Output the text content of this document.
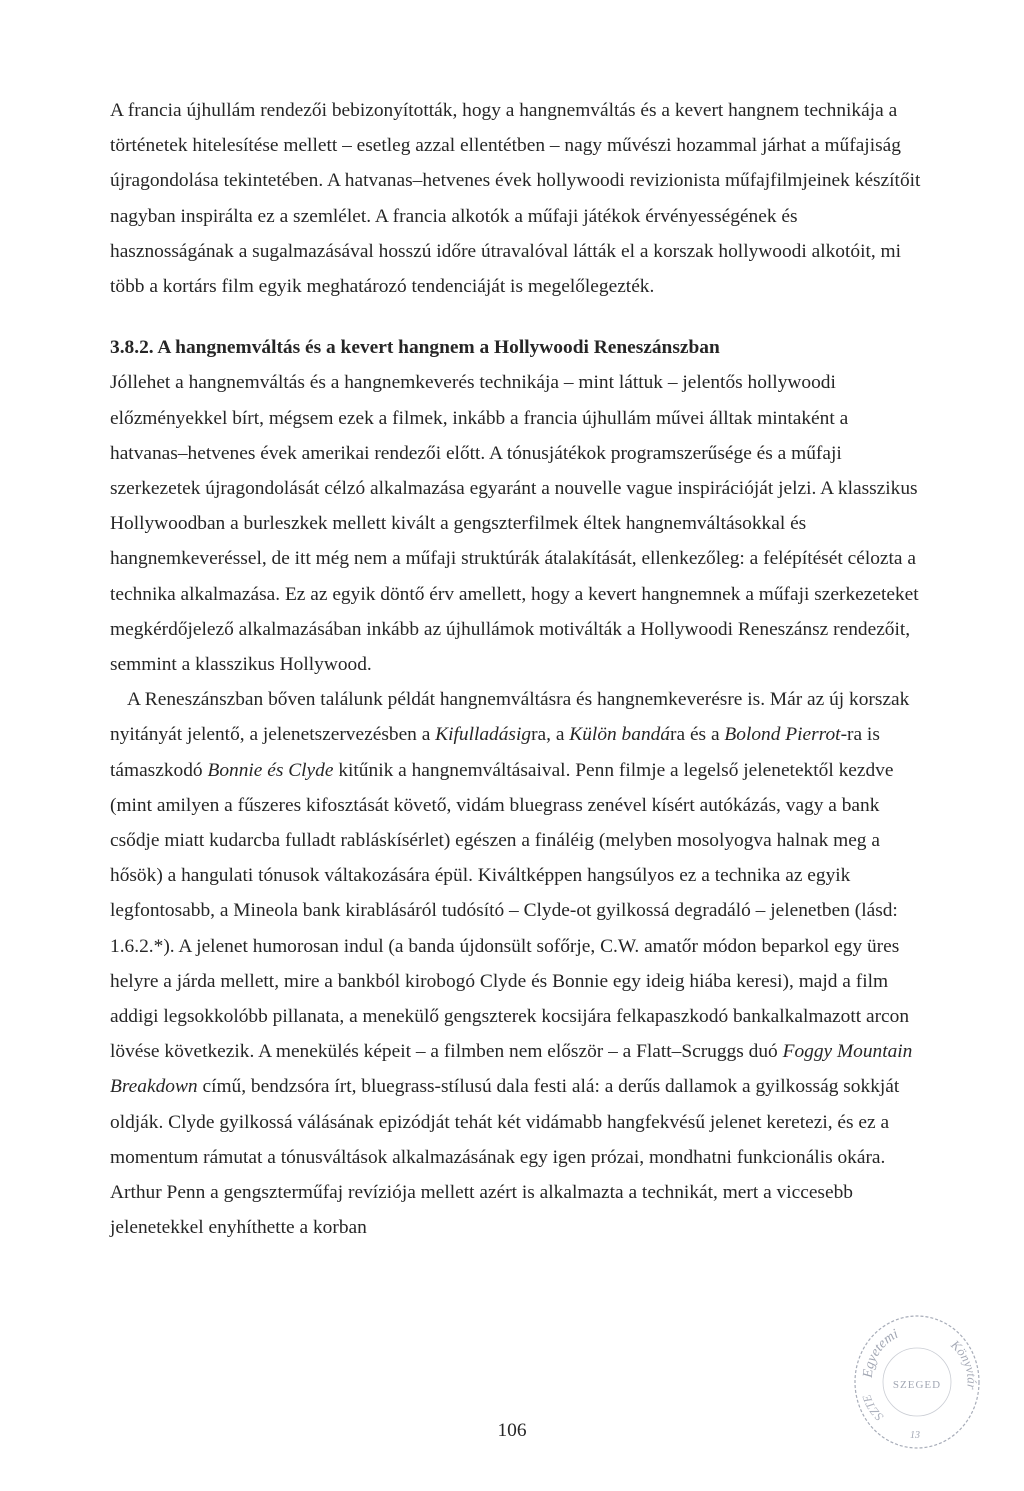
A francia újhullám rendezői bebizonyították, hogy a hangnemváltás és a kevert hangnem technikája a történetek hitelesítése mellett – esetleg azzal ellentétben – nagy művészi hozammal járhat a műfajiság újragondolása tekintetében. A hatvanas–hetvenes évek hollywoodi revizionista műfajfilmjeinek készítőit nagyban inspirálta ez a szemlélet. A francia alkotók a műfaji játékok érvényességének és hasznosságának a sugalmazásával hosszú időre útravalóval látták el a korszak hollywoodi alkotóit, mi több a kortárs film egyik meghatározó tendenciáját is megelőlegezték.

3.8.2. A hangnemváltás és a kevert hangnem a Hollywoodi Reneszánszban

Jóllehet a hangnemváltás és a hangnemkeverés technikája – mint láttuk – jelentős hollywoodi előzményekkel bírt, mégsem ezek a filmek, inkább a francia újhullám művei álltak mintaként a hatvanas–hetvenes évek amerikai rendezői előtt. A tónusjátékok programszerűsége és a műfaji szerkezetek újragondolását célzó alkalmazása egyaránt a nouvelle vague inspirációját jelzi. A klasszikus Hollywoodban a burleszkek mellett kivált a gengszterfilmek éltek hangnemváltásokkal és hangnemkeveréssel, de itt még nem a műfaji struktúrák átalakítását, ellenkezőleg: a felépítését célozta a technika alkalmazása. Ez az egyik döntő érv amellett, hogy a kevert hangnemnek a műfaji szerkezeteket megkérdőjelező alkalmazásában inkább az újhullámok motiválták a Hollywoodi Reneszánsz rendezőit, semmint a klasszikus Hollywood.

A Reneszánszban bőven találunk példát hangnemváltásra és hangnemkeverésre is. Már az új korszak nyitányát jelentő, a jelenetszervezésben a Kifulladásigra, a Külön bandára és a Bolond Pierrot-ra is támaszkodó Bonnie és Clyde kitűnik a hangnemváltásaival. Penn filmje a legelső jelenetektől kezdve (mint amilyen a fűszeres kifosztását követő, vidám bluegrass zenével kísért autókázás, vagy a bank csődje miatt kudarcba fulladt rabláskísérlet) egészen a fináléig (melyben mosolyogva halnak meg a hősök) a hangulati tónusok váltakozására épül. Kiváltképpen hangsúlyos ez a technika az egyik legfontosabb, a Mineola bank kirablásáról tudósító – Clyde-ot gyilkossá degradáló – jelenetben (lásd: 1.6.2.*). A jelenet humorosan indul (a banda újdonsült sofőrje, C.W. amatőr módon beparkol egy üres helyre a járda mellett, mire a bankból kirobogó Clyde és Bonnie egy ideig hiába keresi), majd a film addigi legsokkolóbb pillanata, a menekülő gengszterek kocsijára felkapaszkodó bankalkalmazott arcon lövése következik. A menekülés képeit – a filmben nem először – a Flatt–Scruggs duó Foggy Mountain Breakdown című, bendzsóra írt, bluegrass-stílusú dala festi alá: a derűs dallamok a gyilkosság sokkját oldják. Clyde gyilkossá válásának epizódját tehát két vidámabb hangfekvésű jelenet keretezi, és ez a momentum rámutat a tónusváltások alkalmazásának egy igen prózai, mondhatni funkcionális okára. Arthur Penn a gengszterműfaj revíziója mellett azért is alkalmazta a technikát, mert a viccesebb jelenetekkel enyhíthette a korban

106
Egyetemi
Könyvtár
SZTE
SZEGED
13
